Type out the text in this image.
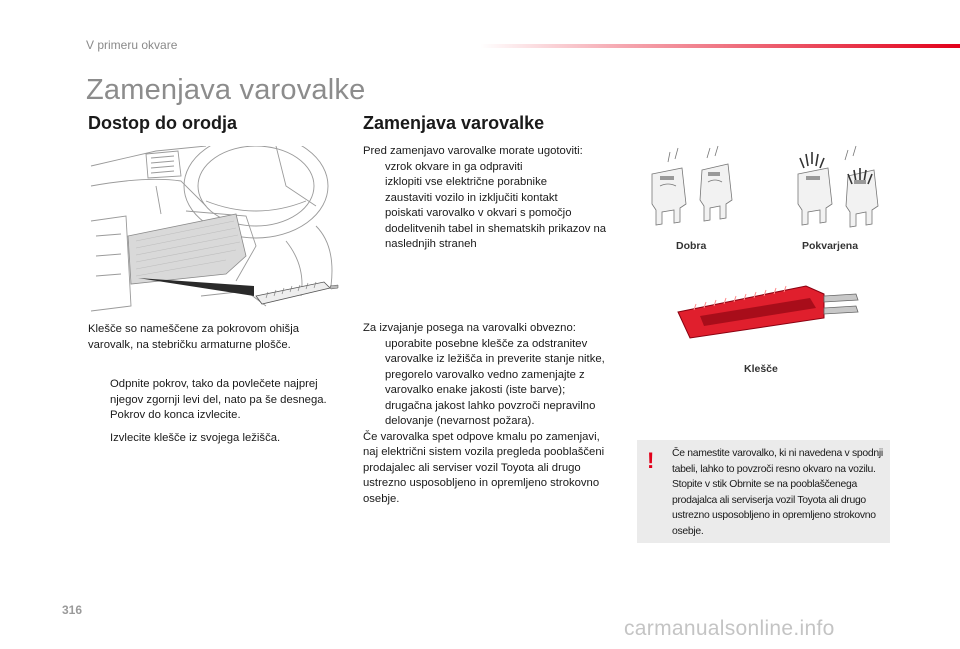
V primeru okvare
Zamenjava varovalke
Dostop do orodja
Klešče so nameščene za pokrovom ohišja varovalk, na stebričku armaturne plošče.
Odpnite pokrov, tako da povlečete najprej njegov zgornji levi del, nato pa še desnega.
Pokrov do konca izvlecite.
Izvlecite klešče iz svojega ležišča.
Zamenjava varovalke
Pred zamenjavo varovalke morate ugotoviti:
vzrok okvare in ga odpraviti
izklopiti vse električne porabnike
zaustaviti vozilo in izključiti kontakt
poiskati varovalko v okvari s pomočjo dodelitvenih tabel in shematskih prikazov na naslednjih straneh
Za izvajanje posega na varovalki obvezno:
uporabite posebne klešče za odstranitev varovalke iz ležišča in preverite stanje nitke,
pregorelo varovalko vedno zamenjajte z varovalko enake jakosti (iste barve); drugačna jakost lahko povzroči nepravilno delovanje (nevarnost požara).
Če varovalka spet odpove kmalu po zamenjavi, naj električni sistem vozila pregleda pooblaščeni prodajalec ali serviser vozil Toyota ali drugo ustrezno usposobljeno in opremljeno strokovno osebje.
Dobra	Pokvarjena
Klešče
! Če namestite varovalko, ki ni navedena v spodnji tabeli, lahko to povzroči resno okvaro na vozilu. Stopite v stik Obrnite se na pooblaščenega prodajalca ali serviserja vozil Toyota ali drugo ustrezno usposobljeno in opremljeno strokovno osebje.
316
carmanualsonline.info
